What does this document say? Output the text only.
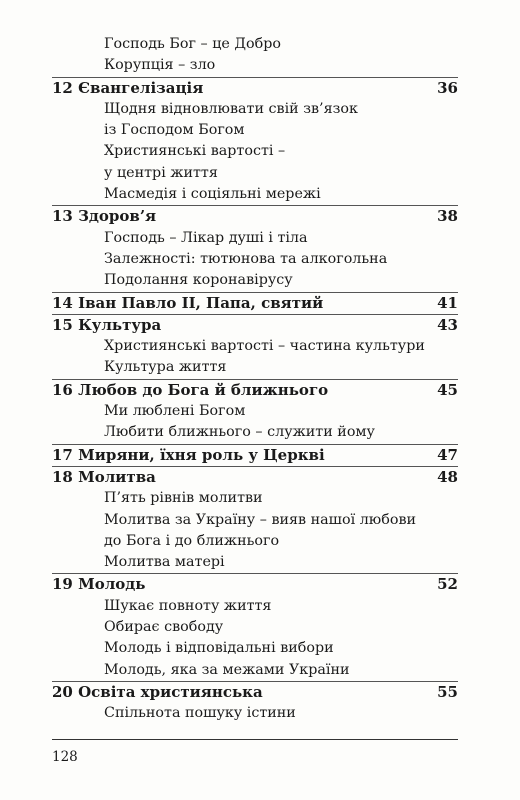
Господь Бог – це Добро
Корупція – зло
12 Євангелізація	36
Щодня відновлювати свій зв’язок
із Господом Богом
Християнські вартості –
у центрі життя
Масмедія і соціяльні мережі
13 Здоров’я	38
Господь – Лікар душі і тіла
Залежності: тютюнова та алкогольна
Подолання коронавірусу
14 Іван Павло ІІ, Папа, святий	41
15 Культура	43
Християнські вартості – частина культури
Культура життя
16 Любов до Бога й ближнього	45
Ми люблені Богом
Любити ближнього – служити йому
17 Миряни, їхня роль у Церкві	47
18 Молитва	48
П’ять рівнів молитви
Молитва за Україну – вияв нашої любови
до Бога і до ближнього
Молитва матері
19 Молодь	52
Шукає повноту життя
Обирає свободу
Молодь і відповідальні вибори
Молодь, яка за межами України
20 Освіта християнська	55
Спільнота пошуку істини
128
